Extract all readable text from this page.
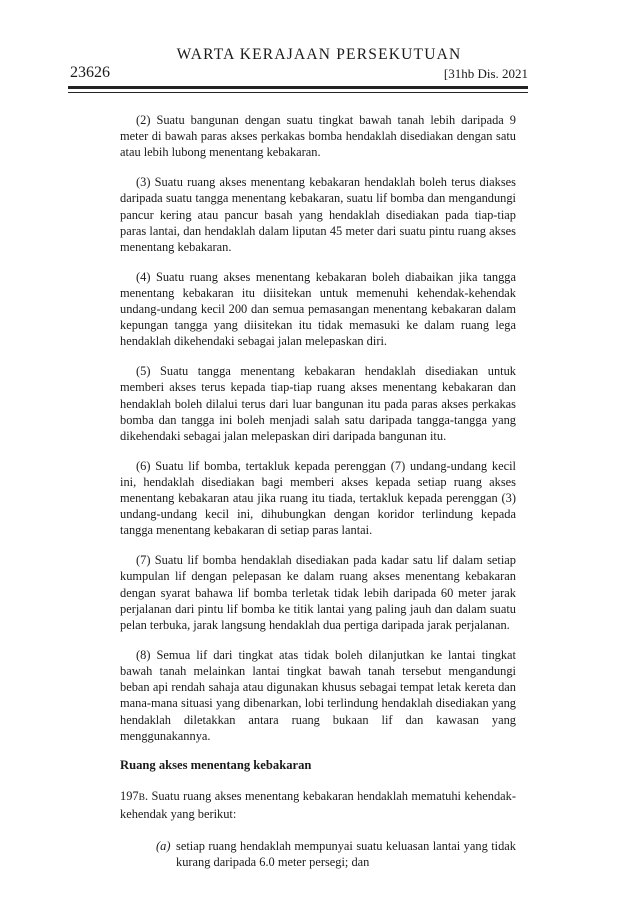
WARTA KERAJAAN PERSEKUTUAN
23626	[31hb Dis. 2021

(2) Suatu bangunan dengan suatu tingkat bawah tanah lebih daripada 9 meter di bawah paras akses perkakas bomba hendaklah disediakan dengan satu atau lebih lubong menentang kebakaran.

(3) Suatu ruang akses menentang kebakaran hendaklah boleh terus diakses daripada suatu tangga menentang kebakaran, suatu lif bomba dan mengandungi pancur kering atau pancur basah yang hendaklah disediakan pada tiap-tiap paras lantai, dan hendaklah dalam liputan 45 meter dari suatu pintu ruang akses menentang kebakaran.

(4) Suatu ruang akses menentang kebakaran boleh diabaikan jika tangga menentang kebakaran itu diisitekan untuk memenuhi kehendak-kehendak undang-undang kecil 200 dan semua pemasangan menentang kebakaran dalam kepungan tangga yang diisitekan itu tidak memasuki ke dalam ruang lega hendaklah dikehendaki sebagai jalan melepaskan diri.

(5) Suatu tangga menentang kebakaran hendaklah disediakan untuk memberi akses terus kepada tiap-tiap ruang akses menentang kebakaran dan hendaklah boleh dilalui terus dari luar bangunan itu pada paras akses perkakas bomba dan tangga ini boleh menjadi salah satu daripada tangga-tangga yang dikehendaki sebagai jalan melepaskan diri daripada bangunan itu.

(6) Suatu lif bomba, tertakluk kepada perenggan (7) undang-undang kecil ini, hendaklah disediakan bagi memberi akses kepada setiap ruang akses menentang kebakaran atau jika ruang itu tiada, tertakluk kepada perenggan (3) undang-undang kecil ini, dihubungkan dengan koridor terlindung kepada tangga menentang kebakaran di setiap paras lantai.

(7) Suatu lif bomba hendaklah disediakan pada kadar satu lif dalam setiap kumpulan lif dengan pelepasan ke dalam ruang akses menentang kebakaran dengan syarat bahawa lif bomba terletak tidak lebih daripada 60 meter jarak perjalanan dari pintu lif bomba ke titik lantai yang paling jauh dan dalam suatu pelan terbuka, jarak langsung hendaklah dua pertiga daripada jarak perjalanan.

(8) Semua lif dari tingkat atas tidak boleh dilanjutkan ke lantai tingkat bawah tanah melainkan lantai tingkat bawah tanah tersebut mengandungi beban api rendah sahaja atau digunakan khusus sebagai tempat letak kereta dan mana-mana situasi yang dibenarkan, lobi terlindung hendaklah disediakan yang hendaklah diletakkan antara ruang bukaan lif dan kawasan yang menggunakannya.

Ruang akses menentang kebakaran

197B. Suatu ruang akses menentang kebakaran hendaklah mematuhi kehendak-kehendak yang berikut:

(a) setiap ruang hendaklah mempunyai suatu keluasan lantai yang tidak kurang daripada 6.0 meter persegi; dan
